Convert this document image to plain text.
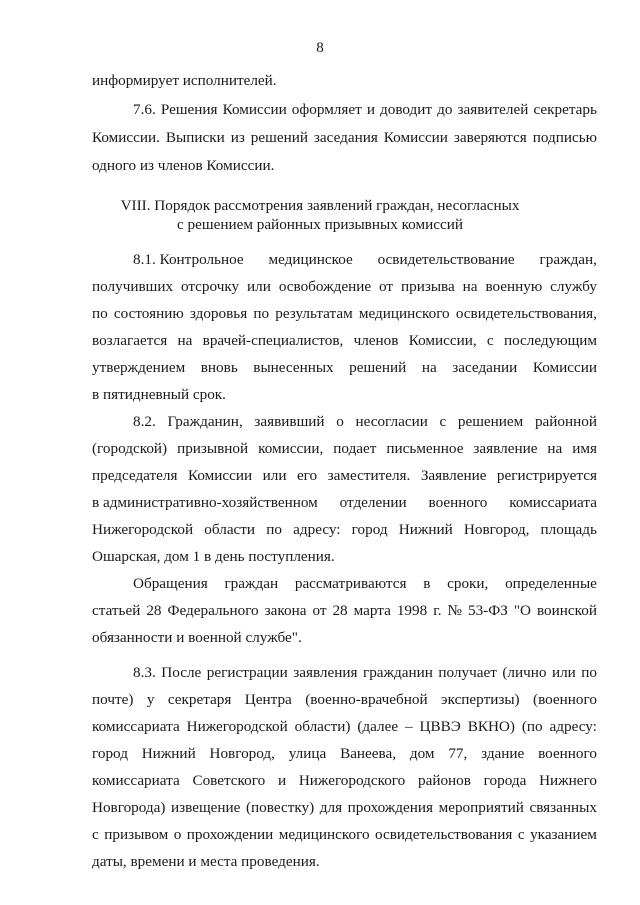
8
информирует исполнителей.
7.6. Решения Комиссии оформляет и доводит до заявителей секретарь
Комиссии. Выписки из решений заседания Комиссии заверяются подписью
одного из членов Комиссии.
VIII. Порядок рассмотрения заявлений граждан, несогласных
с решением районных призывных комиссий
8.1. Контрольное медицинское освидетельствование граждан,
получивших отсрочку или освобождение от призыва на военную службу
по состоянию здоровья по результатам медицинского освидетельствования,
возлагается на врачей-специалистов, членов Комиссии, с последующим
утверждением вновь вынесенных решений на заседании Комиссии
в пятидневный срок.
8.2. Гражданин, заявивший о несогласии с решением районной
(городской) призывной комиссии, подает письменное заявление на имя
председателя Комиссии или его заместителя. Заявление регистрируется
в административно-хозяйственном отделении военного комиссариата
Нижегородской области по адресу: город Нижний Новгород, площадь
Ошарская, дом 1 в день поступления.
Обращения граждан рассматриваются в сроки, определенные
статьей 28 Федерального закона от 28 марта 1998 г. № 53-ФЗ "О воинской
обязанности и военной службе".
8.3. После регистрации заявления гражданин получает (лично или по
почте) у секретаря Центра (военно-врачебной экспертизы) (военного
комиссариата Нижегородской области) (далее – ЦВВЭ ВКНО) (по адресу:
город Нижний Новгород, улица Ванеева, дом 77, здание военного
комиссариата Советского и Нижегородского районов города Нижнего
Новгорода) извещение (повестку) для прохождения мероприятий связанных
с призывом о прохождении медицинского освидетельствования с указанием
даты, времени и места проведения.
